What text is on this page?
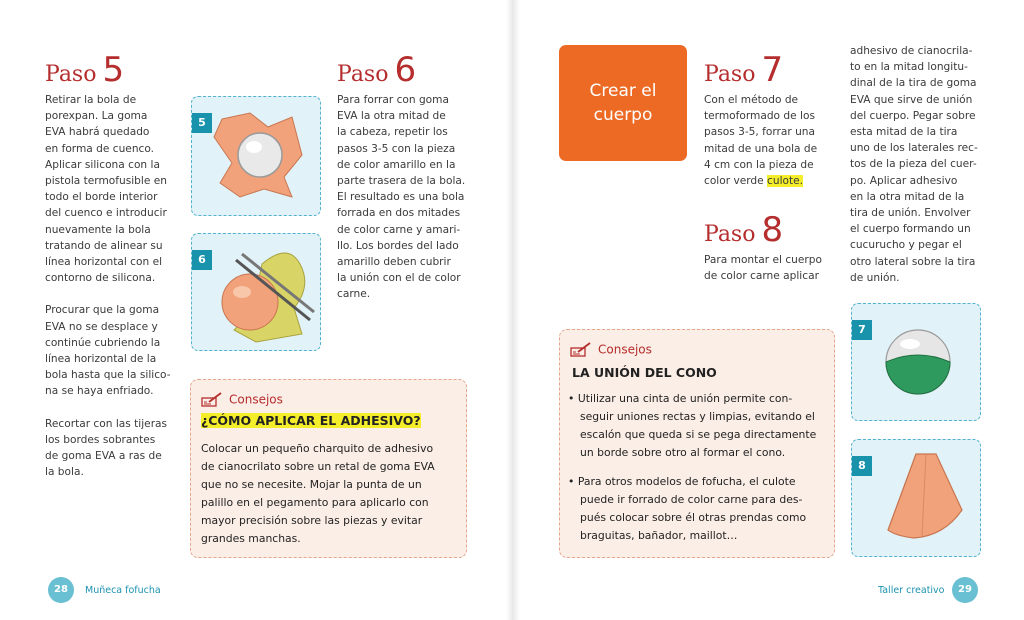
Paso 5

Retirar la bola de
porexpan. La goma
EVA habrá quedado
en forma de cuenco.
Aplicar silicona con la
pistola termofusible en
todo el borde interior
del cuenco e introducir
nuevamente la bola
tratando de alinear su
línea horizontal con el
contorno de silicona.

Procurar que la goma
EVA no se desplace y
continúe cubriendo la
línea horizontal de la
bola hasta que la silico-
na se haya enfriado.

Recortar con las tijeras
los bordes sobrantes
de goma EVA a ras de
la bola.

5
6
Paso 6

Para forrar con goma
EVA la otra mitad de
la cabeza, repetir los
pasos 3-5 con la pieza
de color amarillo en la
parte trasera de la bola.
El resultado es una bola
forrada en dos mitades
de color carne y amari-
llo. Los bordes del lado
amarillo deben cubrir
la unión con el de color
carne.

Consejos
¿CÓMO APLICAR EL ADHESIVO?
Colocar un pequeño charquito de adhesivo
de cianocrilato sobre un retal de goma EVA
que no se necesite. Mojar la punta de un
palillo en el pegamento para aplicarlo con
mayor precisión sobre las piezas y evitar
grandes manchas.
28	Muñeca fofucha
Crear el cuerpo
Paso 7

Con el método de
termoformado de los
pasos 3-5, forrar una
mitad de una bola de
4 cm con la pieza de
color verde culote.

Paso 8

Para montar el cuerpo
de color carne aplicar

adhesivo de cianocrila-
to en la mitad longitu-
dinal de la tira de goma
EVA que sirve de unión
del cuerpo. Pegar sobre
esta mitad de la tira
uno de los laterales rec-
tos de la pieza del cuer-
po. Aplicar adhesivo
en la otra mitad de la
tira de unión. Envolver
el cuerpo formando un
cucurucho y pegar el
otro lateral sobre la tira
de unión.

Consejos
LA UNIÓN DEL CONO
• Utilizar una cinta de unión permite con-
seguir uniones rectas y limpias, evitando el
escalón que queda si se pega directamente
un borde sobre otro al formar el cono.
• Para otros modelos de fofucha, el culote
puede ir forrado de color carne para des-
pués colocar sobre él otras prendas como
braguitas, bañador, maillot…
7
8
Taller creativo	29
